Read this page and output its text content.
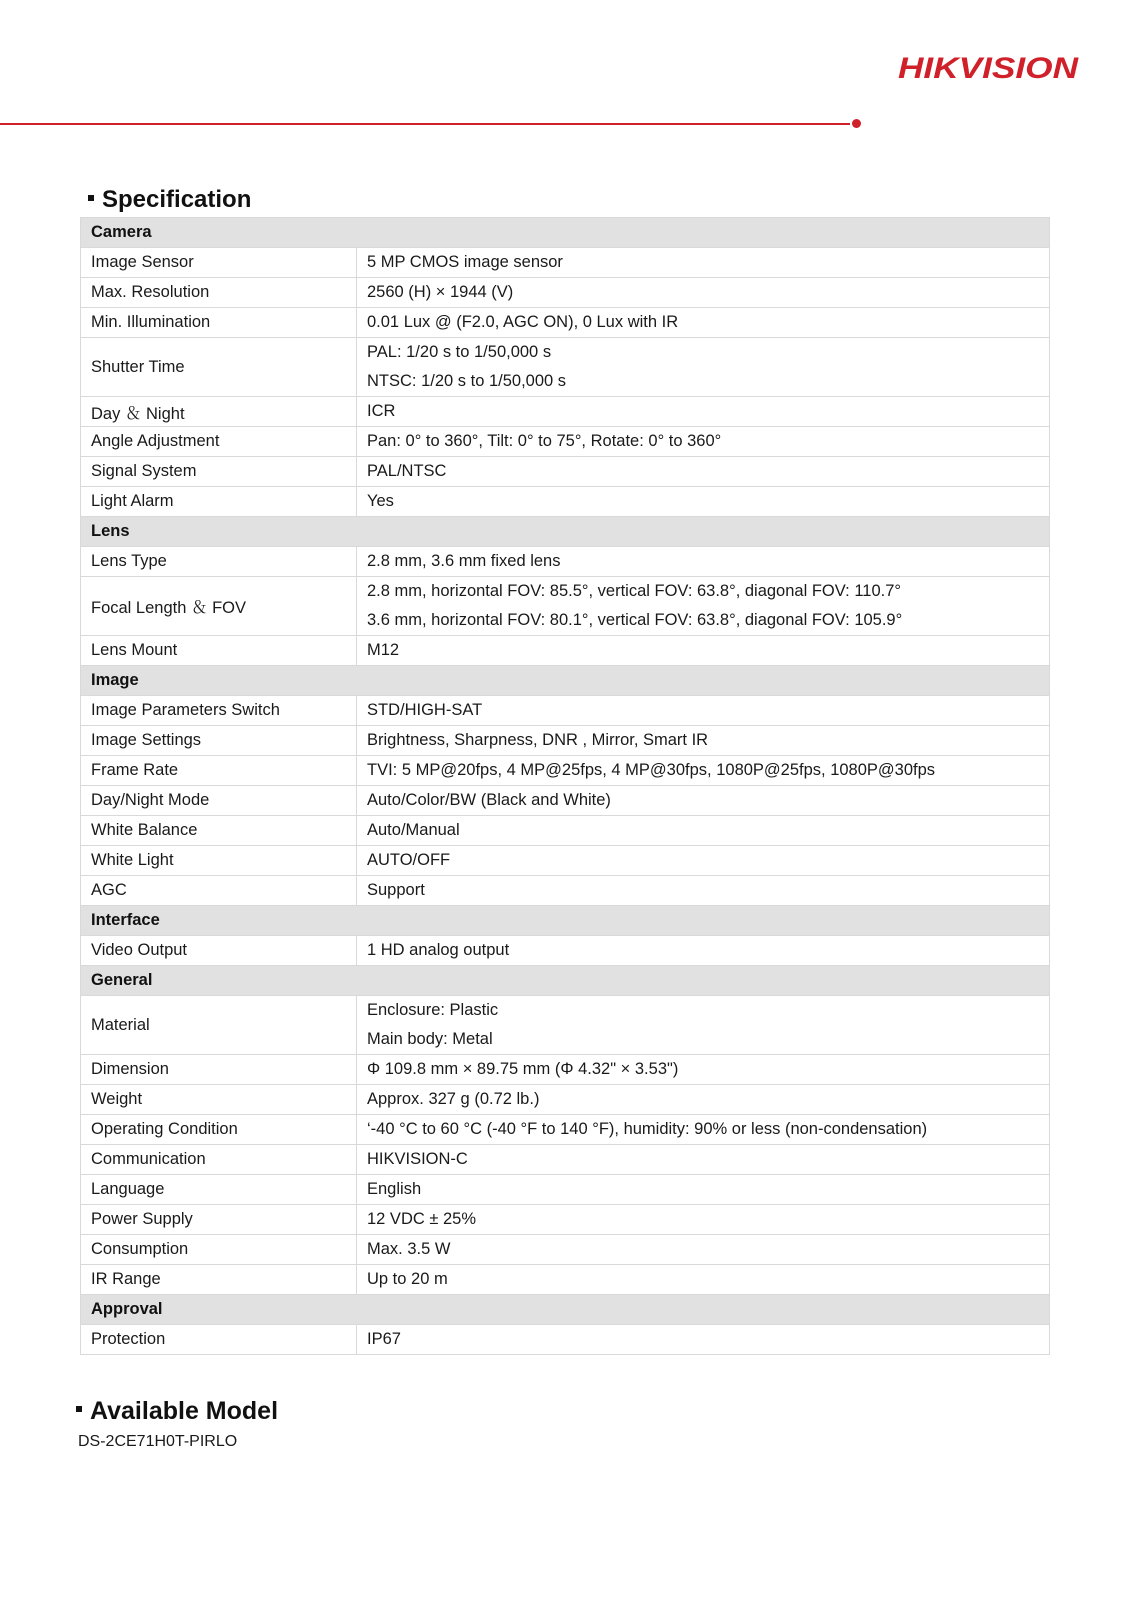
HIKVISION
Specification
Camera	
Image Sensor	5 MP CMOS image sensor

Max. Resolution	2560 (H) × 1944 (V)

Min. Illumination	0.01 Lux @ (F2.0, AGC ON), 0 Lux with IR

Shutter Time	PAL: 1/20 s to 1/50,000 s
NTSC: 1/20 s to 1/50,000 s

Day ＆ Night	ICR

Angle Adjustment	Pan: 0° to 360°, Tilt: 0° to 75°, Rotate: 0° to 360°

Signal System	PAL/NTSC

Light Alarm	Yes

Lens	
Lens Type	2.8 mm, 3.6 mm fixed lens

Focal Length ＆ FOV	2.8 mm, horizontal FOV: 85.5°, vertical FOV: 63.8°, diagonal FOV: 110.7°
3.6 mm, horizontal FOV: 80.1°, vertical FOV: 63.8°, diagonal FOV: 105.9°

Lens Mount	M12

Image	
Image Parameters Switch	STD/HIGH-SAT

Image Settings	Brightness, Sharpness, DNR , Mirror, Smart IR

Frame Rate	TVI: 5 MP@20fps, 4 MP@25fps, 4 MP@30fps, 1080P@25fps, 1080P@30fps

Day/Night Mode	Auto/Color/BW (Black and White)

White Balance	Auto/Manual

White Light	AUTO/OFF

AGC	Support

Interface	
Video Output	1 HD analog output

General	
Material	Enclosure: Plastic
Main body: Metal

Dimension	Φ 109.8 mm × 89.75 mm (Φ 4.32" × 3.53")

Weight	Approx. 327 g (0.72 lb.)

Operating Condition	‘-40 °C to 60 °C (-40 °F to 140 °F), humidity: 90% or less (non-condensation)

Communication	HIKVISION-C

Language	English

Power Supply	12 VDC ± 25%

Consumption	Max. 3.5 W

IR Range	Up to 20 m

Approval	
Protection	IP67
Available Model
DS-2CE71H0T-PIRLO
